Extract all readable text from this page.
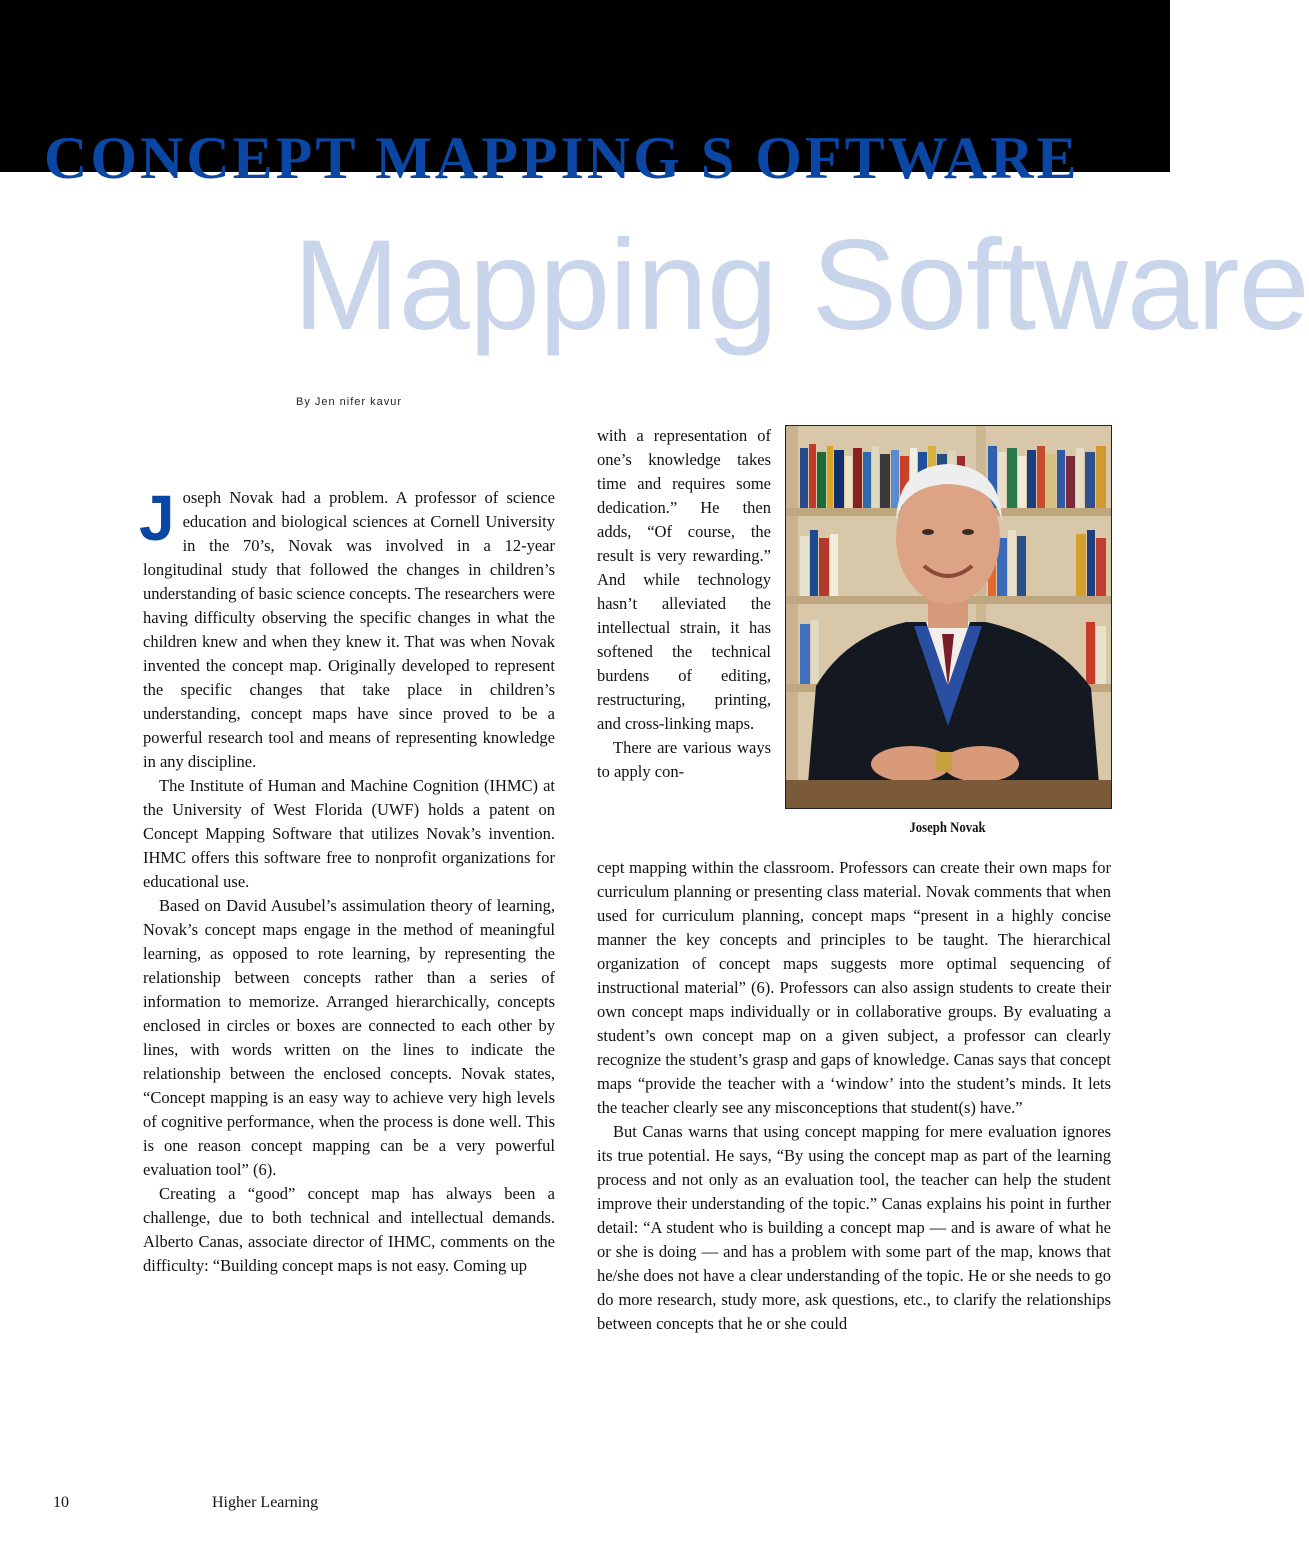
CONCEPT MAPPING S OFTWARE
Mapping Software
By Jen nifer kavur

Joseph Novak had a problem. A professor of science education and biological sciences at Cornell University in the 70’s, Novak was involved in a 12-year longitudinal study that followed the changes in children’s understanding of basic science concepts. The researchers were having difficulty observing the specific changes in what the children knew and when they knew it. That was when Novak invented the concept map. Originally developed to represent the specific changes that take place in children’s understanding, concept maps have since proved to be a powerful research tool and means of representing knowledge in any discipline.

The Institute of Human and Machine Cognition (IHMC) at the University of West Florida (UWF) holds a patent on Concept Mapping Software that utilizes Novak’s invention. IHMC offers this software free to nonprofit organizations for educational use.

Based on David Ausubel’s assimulation theory of learning, Novak’s concept maps engage in the method of meaningful learning, as opposed to rote learning, by representing the relationship between concepts rather than a series of information to memorize. Arranged hierarchically, concepts enclosed in circles or boxes are connected to each other by lines, with words written on the lines to indicate the relationship between the enclosed concepts. Novak states, “Concept mapping is an easy way to achieve very high levels of cognitive performance, when the process is done well. This is one reason concept mapping can be a very powerful evaluation tool” (6).

Creating a “good” concept map has always been a challenge, due to both technical and intellectual demands. Alberto Canas, associate director of IHMC, comments on the difficulty: “Building concept maps is not easy. Coming up

with a representation of one’s knowledge takes time and requires some dedication.” He then adds, “Of course, the result is very rewarding.” And while technology hasn’t alleviated the intellectual strain, it has softened the technical burdens of editing, restructuring, printing, and cross-linking maps.

There are various ways to apply con-

Joseph Novak

cept mapping within the classroom. Professors can create their own maps for curriculum planning or presenting class material. Novak comments that when used for curriculum planning, concept maps “present in a highly concise manner the key concepts and principles to be taught. The hierarchical organization of concept maps suggests more optimal sequencing of instructional material” (6). Professors can also assign students to create their own concept maps individually or in collaborative groups. By evaluating a student’s own concept map on a given subject, a professor can clearly recognize the student’s grasp and gaps of knowledge. Canas says that concept maps “provide the teacher with a ‘window’ into the student’s minds. It lets the teacher clearly see any misconceptions that student(s) have.”

But Canas warns that using concept mapping for mere evaluation ignores its true potential. He says, “By using the concept map as part of the learning process and not only as an evaluation tool, the teacher can help the student improve their understanding of the topic.” Canas explains his point in further detail: “A student who is building a concept map — and is aware of what he or she is doing — and has a problem with some part of the map, knows that he/she does not have a clear understanding of the topic. He or she needs to go do more research, study more, ask questions, etc., to clarify the relationships between concepts that he or she could

10	Higher Learning
